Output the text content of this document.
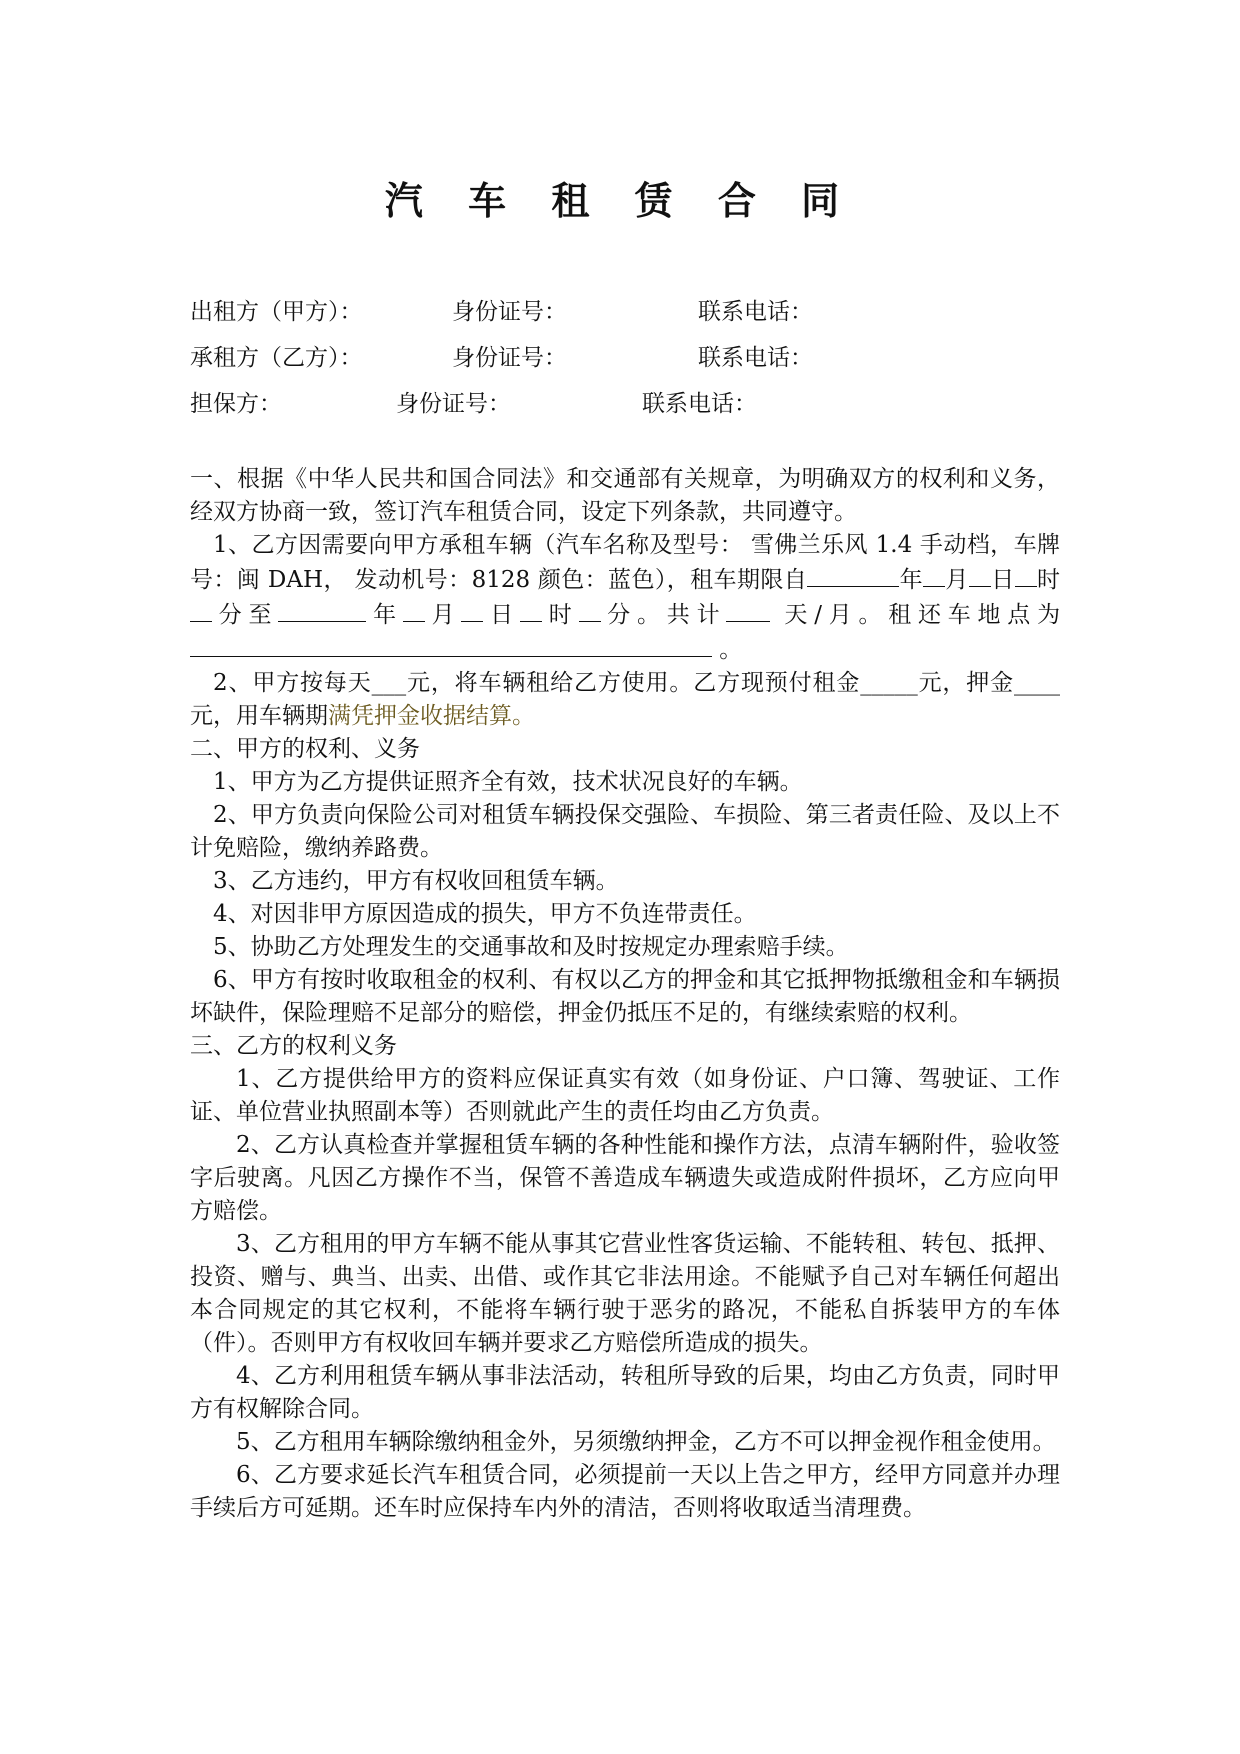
汽 车 租 赁 合 同
出租方（甲方）：	身份证号：	联系电话：
承租方（乙方）：	身份证号：	联系电话：
担保方：	身份证号：	联系电话：

一、根据《中华人民共和国合同法》和交通部有关规章，为明确双方的权利和义务，经双方协商一致，签订汽车租赁合同，设定下列条款，共同遵守。

1、乙方因需要向甲方承租车辆（汽车名称及型号： 雪佛兰乐风 1.4 手动档，车牌号：闽 DAH， 发动机号：8128 颜色：蓝色），租车期限自	年 月 日 时分至	年 月 日 时 分。共计 天/月。租还车地点为 。

2、甲方按每天___元，将车辆租给乙方使用。乙方现预付租金_____元，押金____元，用车辆期满凭押金收据结算。

二、甲方的权利、义务

1、甲方为乙方提供证照齐全有效，技术状况良好的车辆。

2、甲方负责向保险公司对租赁车辆投保交强险、车损险、第三者责任险、及以上不计免赔险，缴纳养路费。

3、乙方违约，甲方有权收回租赁车辆。

4、对因非甲方原因造成的损失，甲方不负连带责任。

5、协助乙方处理发生的交通事故和及时按规定办理索赔手续。

6、甲方有按时收取租金的权利、有权以乙方的押金和其它抵押物抵缴租金和车辆损坏缺件，保险理赔不足部分的赔偿，押金仍抵压不足的，有继续索赔的权利。

三、乙方的权利义务

1、乙方提供给甲方的资料应保证真实有效（如身份证、户口簿、驾驶证、工作证、单位营业执照副本等）否则就此产生的责任均由乙方负责。

2、乙方认真检查并掌握租赁车辆的各种性能和操作方法，点清车辆附件，验收签字后驶离。凡因乙方操作不当，保管不善造成车辆遗失或造成附件损坏，乙方应向甲方赔偿。

3、乙方租用的甲方车辆不能从事其它营业性客货运输、不能转租、转包、抵押、投资、赠与、典当、出卖、出借、或作其它非法用途。不能赋予自己对车辆任何超出本合同规定的其它权利，不能将车辆行驶于恶劣的路况，不能私自拆装甲方的车体（件）。否则甲方有权收回车辆并要求乙方赔偿所造成的损失。

4、乙方利用租赁车辆从事非法活动，转租所导致的后果，均由乙方负责，同时甲方有权解除合同。

5、乙方租用车辆除缴纳租金外，另须缴纳押金，乙方不可以押金视作租金使用。

6、乙方要求延长汽车租赁合同，必须提前一天以上告之甲方，经甲方同意并办理手续后方可延期。还车时应保持车内外的清洁，否则将收取适当清理费。
